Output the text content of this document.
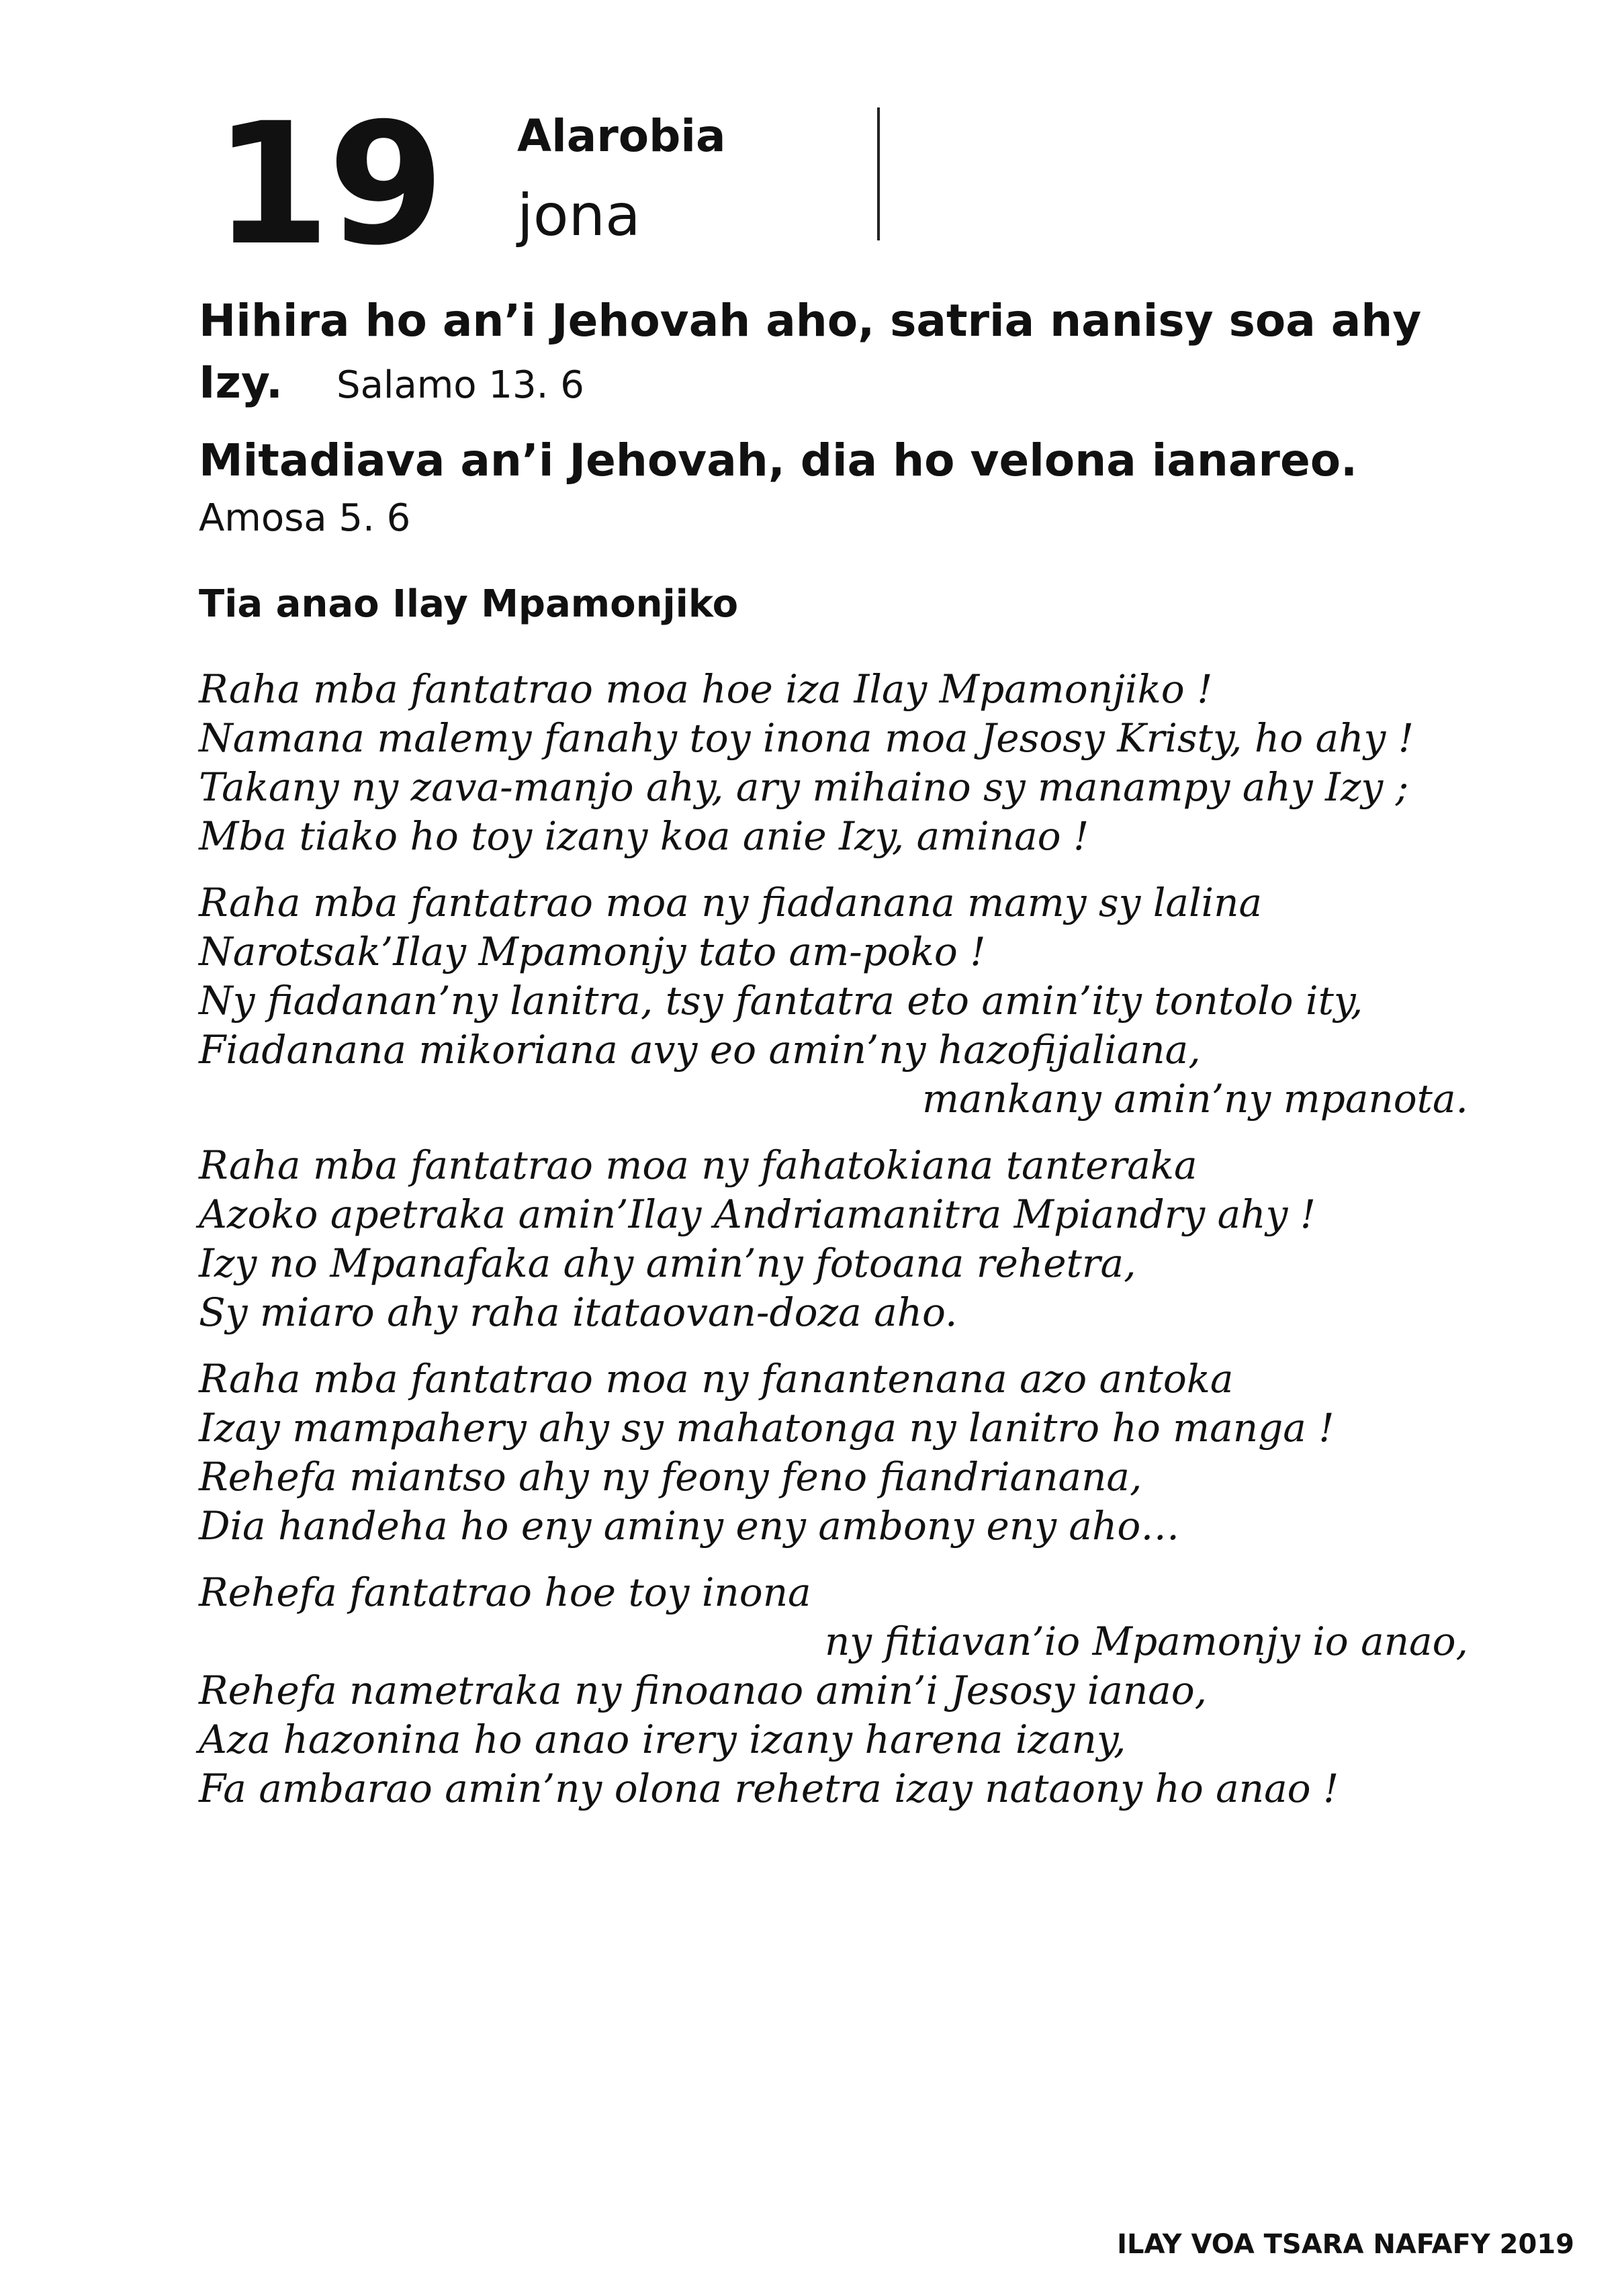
19 Alarobia
jona
Hihira ho an’i Jehovah aho, satria nanisy soa ahy Izy. Salamo 13. 6
Mitadiava an’i Jehovah, dia ho velona ianareo.
Amosa 5. 6
Tia anao Ilay Mpamonjiko
Raha mba fantatrao moa hoe iza Ilay Mpamonjiko !
Namana malemy fanahy toy inona moa Jesosy Kristy, ho ahy !
Takany ny zava-manjo ahy, ary mihaino sy manampy ahy Izy ;
Mba tiako ho toy izany koa anie Izy, aminao !
Raha mba fantatrao moa ny fiadanana mamy sy lalina
Narotsak’Ilay Mpamonjy tato am-poko !
Ny fiadanan’ny lanitra, tsy fantatra eto amin’ity tontolo ity,
Fiadanana mikoriana avy eo amin’ny hazofijaliana,
mankany amin’ny mpanota.
Raha mba fantatrao moa ny fahatokiana tanteraka
Azoko apetraka amin’Ilay Andriamanitra Mpiandry ahy !
Izy no Mpanafaka ahy amin’ny fotoana rehetra,
Sy miaro ahy raha itataovan-doza aho.
Raha mba fantatrao moa ny fanantenana azo antoka
Izay mampahery ahy sy mahatonga ny lanitro ho manga !
Rehefa miantso ahy ny feony feno fiandrianana,
Dia handeha ho eny aminy eny ambony eny aho…
Rehefa fantatrao hoe toy inona
ny fitiavan’io Mpamonjy io anao,
Rehefa nametraka ny finoanao amin’i Jesosy ianao,
Aza hazonina ho anao irery izany harena izany,
Fa ambarao amin’ny olona rehetra izay nataony ho anao !
ILAY VOA TSARA NAFAFY 2019
